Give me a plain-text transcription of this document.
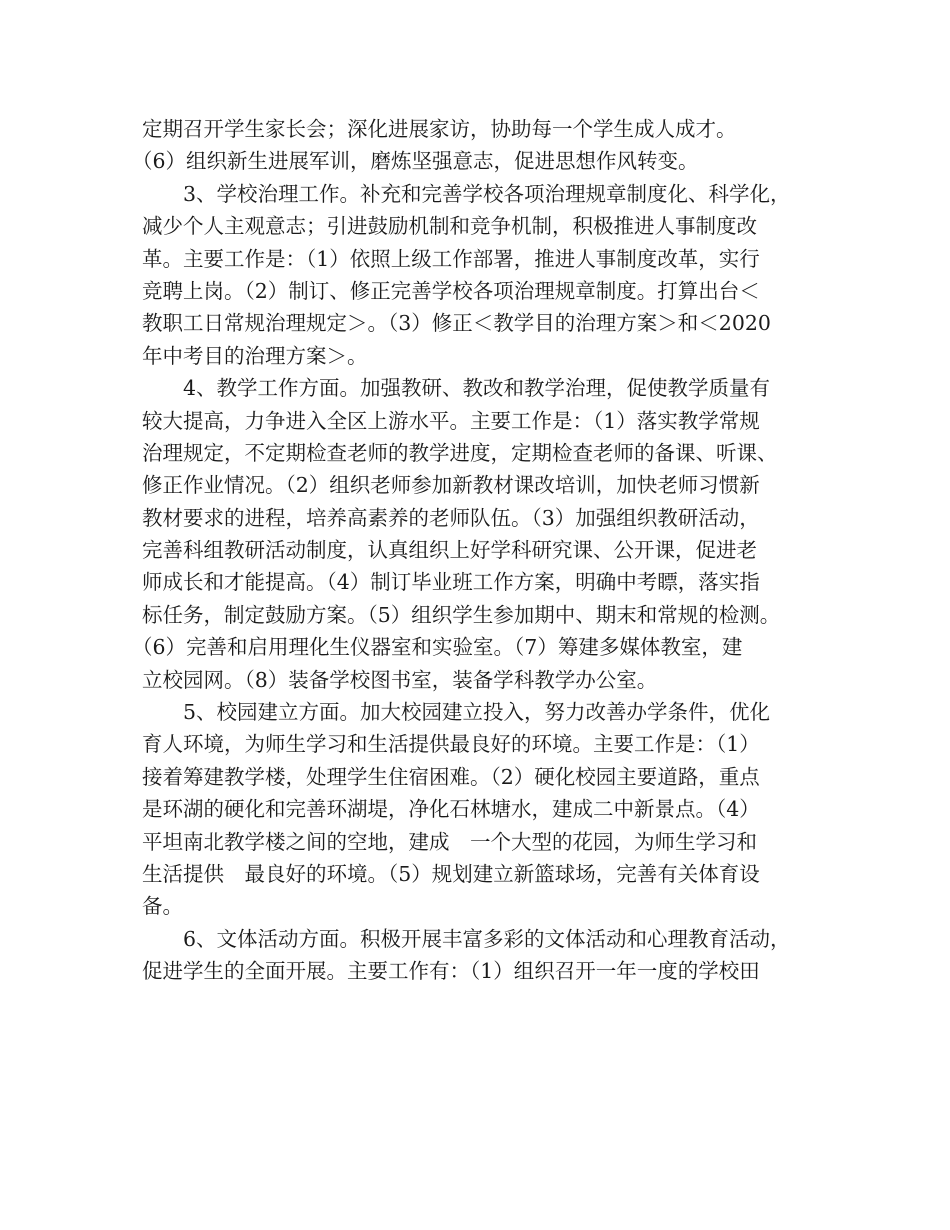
定期召开学生家长会；深化进展家访，协助每一个学生成人成才。
（6）组织新生进展军训，磨炼坚强意志，促进思想作风转变。
3、学校治理工作。补充和完善学校各项治理规章制度化、科学化，
减少个人主观意志；引进鼓励机制和竞争机制，积极推进人事制度改
革。主要工作是：（1）依照上级工作部署，推进人事制度改革，实行
竞聘上岗。（2）制订、修正完善学校各项治理规章制度。打算出台＜
教职工日常规治理规定＞。（3）修正＜教学目的治理方案＞和＜2020
年中考目的治理方案＞。
4、教学工作方面。加强教研、教改和教学治理，促使教学质量有
较大提高，力争进入全区上游水平。主要工作是：（1）落实教学常规
治理规定，不定期检查老师的教学进度，定期检查老师的备课、听课、
修正作业情况。（2）组织老师参加新教材课改培训，加快老师习惯新
教材要求的进程，培养高素养的老师队伍。（3）加强组织教研活动，
完善科组教研活动制度，认真组织上好学科研究课、公开课，促进老
师成长和才能提高。（4）制订毕业班工作方案，明确中考瞟，落实指
标任务，制定鼓励方案。（5）组织学生参加期中、期末和常规的检测。
（6）完善和启用理化生仪器室和实验室。（7）筹建多媒体教室，建
立校园网。（8）装备学校图书室，装备学科教学办公室。
5、校园建立方面。加大校园建立投入，努力改善办学条件，优化
育人环境，为师生学习和生活提供最良好的环境。主要工作是：（1）
接着筹建教学楼，处理学生住宿困难。（2）硬化校园主要道路，重点
是环湖的硬化和完善环湖堤，净化石林塘水，建成二中新景点。（4）
平坦南北教学楼之间的空地，建成　一个大型的花园，为师生学习和
生活提供　最良好的环境。（5）规划建立新篮球场，完善有关体育设
备。
6、文体活动方面。积极开展丰富多彩的文体活动和心理教育活动，
促进学生的全面开展。主要工作有：（1）组织召开一年一度的学校田
